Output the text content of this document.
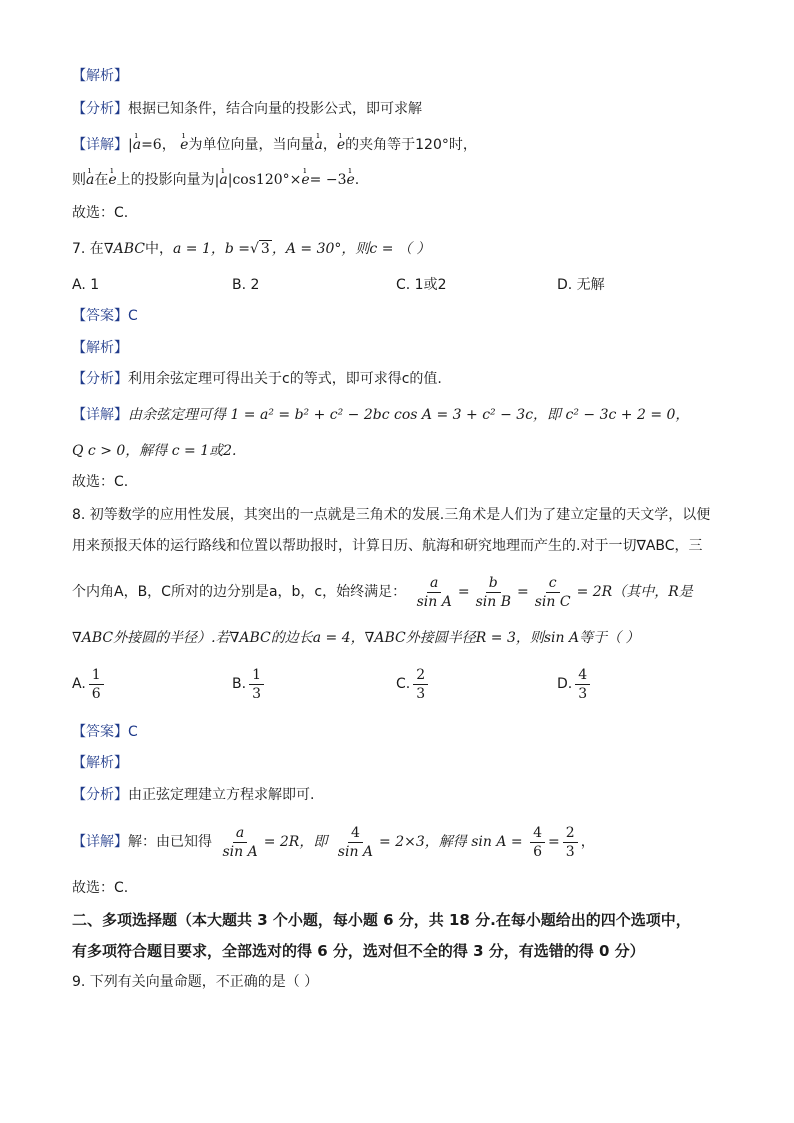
【解析】
【分析】根据已知条件，结合向量的投影公式，即可求解
【详解】|ı a=6， ı e为单位向量，当向量ı a，ı e的夹角等于120°时，
则ı a在ı e上的投影向量为|ı a|cos120°×ı e= −3ı e.
故选：C.
7. 在∇ABC中，a = 1，b =√ 3 ，A = 30°，则c = （ ）
A. 1	B. 2	C. 1或2	D. 无解
【答案】C
【解析】
【分析】利用余弦定理可得出关于c的等式，即可求得c的值.
【详解】由余弦定理可得 1 = a² = b² + c² − 2bc cos A = 3 + c² − 3c，即 c² − 3c + 2 = 0，
Q c > 0，解得 c = 1或2.
故选：C.
8. 初等数学的应用性发展，其突出的一点就是三角术的发展.三角术是人们为了建立定量的天文学，以便
用来预报天体的运行路线和位置以帮助报时，计算日历、航海和研究地理而产生的.对于一切∇ABC，三
个内角A，B，C所对的边分别是a，b，c，始终满足： $\frac{a}{\text{sin A}} = \frac{b}{\text{sin B}} = \frac{c}{\text{sin C}} = 2R$（其中，R是
∇ABC外接圆的半径）.若∇ABC的边长a = 4，∇ABC外接圆半径R = 3，则sin A等于（ ）
A. $\frac{1}{6}$	B. $\frac{1}{3}$	C. $\frac{2}{3}$	D. $\frac{4}{3}$
【答案】C
【解析】
【分析】由正弦定理建立方程求解即可.
【详解】解：由已知得 $\frac{a}{\text{sin A}} = 2R$，即 $\frac{4}{\text{sin A}} = 2\times 3$，解得 $\sin A = \frac{4}{6} = \frac{2}{3}$ ，
故选：C.
二、多项选择题（本大题共 3 个小题，每小题 6 分，共 18 分.在每小题给出的四个选项中，
有多项符合题目要求，全部选对的得 6 分，选对但不全的得 3 分，有选错的得 0 分）
9. 下列有关向量命题，不正确的是（ ）
